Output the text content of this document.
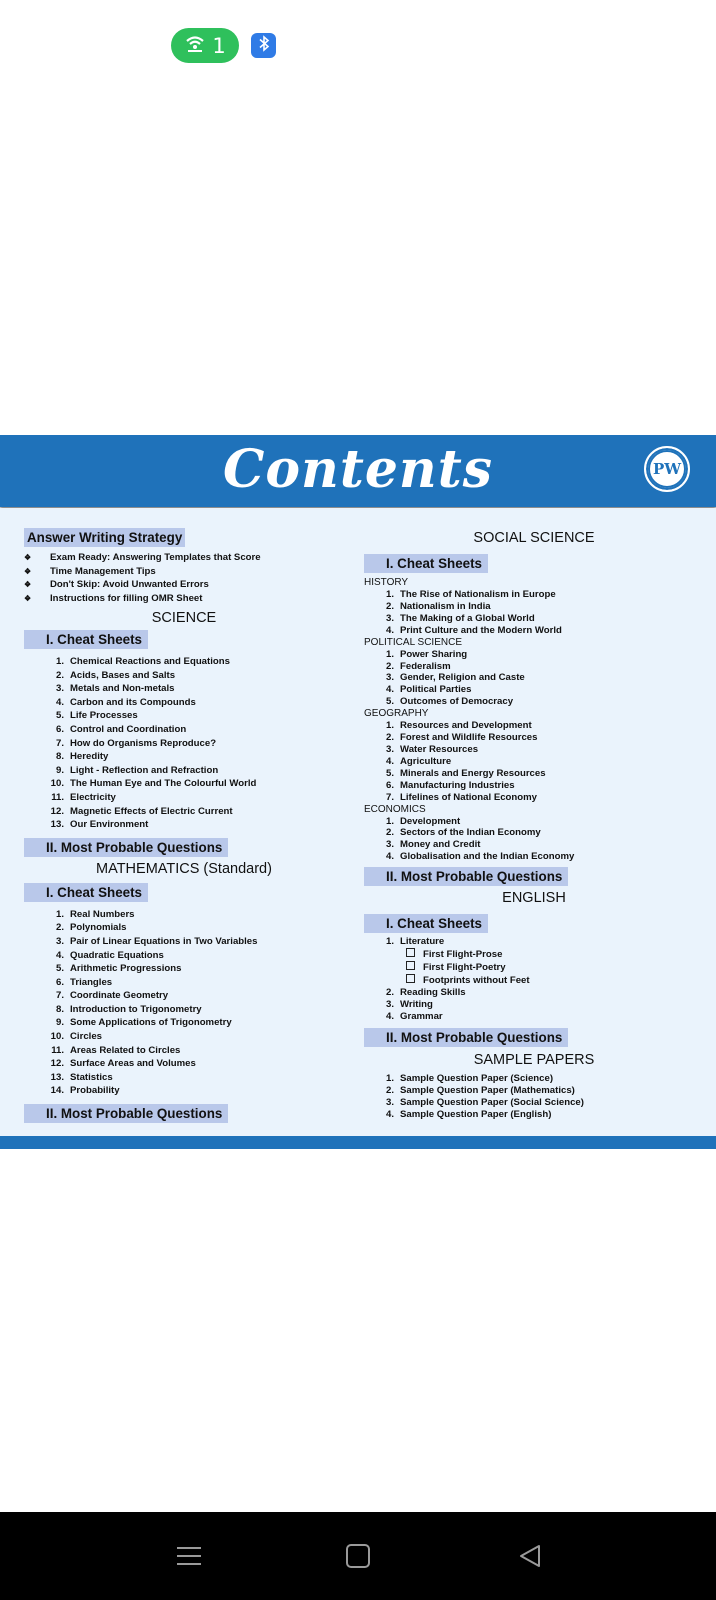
1
Contents	PW
Answer Writing Strategy
❖ Exam Ready: Answering Templates that Score
❖ Time Management Tips
❖ Don't Skip: Avoid Unwanted Errors
❖ Instructions for filling OMR Sheet
SCIENCE
I. Cheat Sheets
1. Chemical Reactions and Equations
2. Acids, Bases and Salts
3. Metals and Non-metals
4. Carbon and its Compounds
5. Life Processes
6. Control and Coordination
7. How do Organisms Reproduce?
8. Heredity
9. Light - Reflection and Refraction
10. The Human Eye and The Colourful World
11. Electricity
12. Magnetic Effects of Electric Current
13. Our Environment
II. Most Probable Questions
MATHEMATICS (Standard)
I. Cheat Sheets
1. Real Numbers
2. Polynomials
3. Pair of Linear Equations in Two Variables
4. Quadratic Equations
5. Arithmetic Progressions
6. Triangles
7. Coordinate Geometry
8. Introduction to Trigonometry
9. Some Applications of Trigonometry
10. Circles
11. Areas Related to Circles
12. Surface Areas and Volumes
13. Statistics
14. Probability
II. Most Probable Questions
SOCIAL SCIENCE
I. Cheat Sheets
HISTORY
1. The Rise of Nationalism in Europe
2. Nationalism in India
3. The Making of a Global World
4. Print Culture and the Modern World
POLITICAL SCIENCE
1. Power Sharing
2. Federalism
3. Gender, Religion and Caste
4. Political Parties
5. Outcomes of Democracy
GEOGRAPHY
1. Resources and Development
2. Forest and Wildlife Resources
3. Water Resources
4. Agriculture
5. Minerals and Energy Resources
6. Manufacturing Industries
7. Lifelines of National Economy
ECONOMICS
1. Development
2. Sectors of the Indian Economy
3. Money and Credit
4. Globalisation and the Indian Economy
II. Most Probable Questions
ENGLISH
I. Cheat Sheets
1. Literature
First Flight-Prose
First Flight-Poetry
Footprints without Feet
2. Reading Skills
3. Writing
4. Grammar
II. Most Probable Questions
SAMPLE PAPERS
1. Sample Question Paper (Science)
2. Sample Question Paper (Mathematics)
3. Sample Question Paper (Social Science)
4. Sample Question Paper (English)
